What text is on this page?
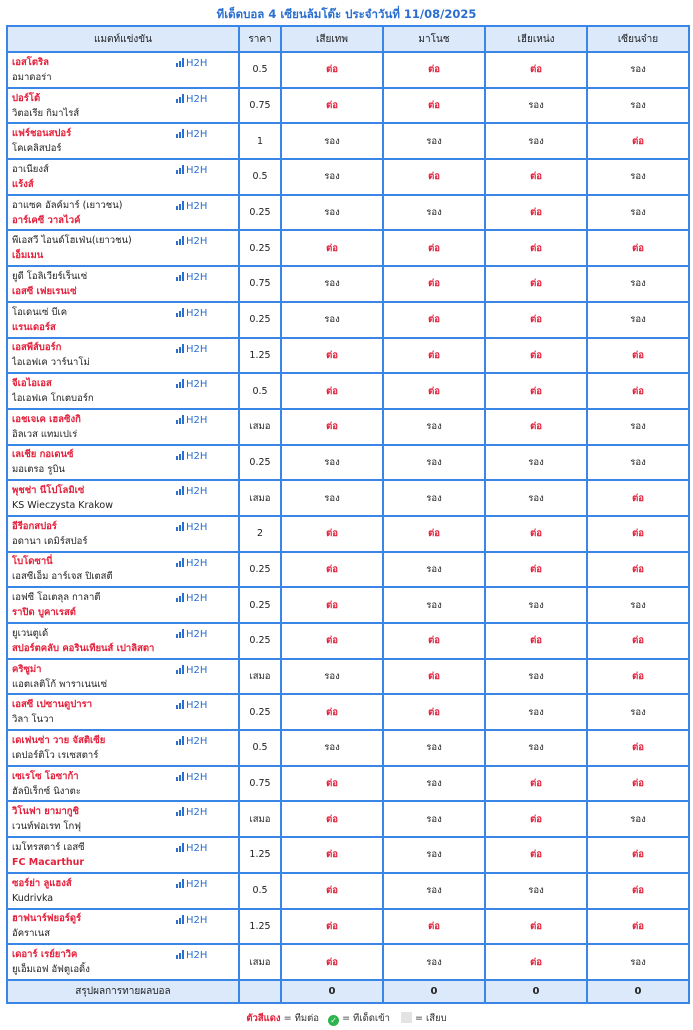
ทีเด็ดบอล 4 เซียนล้มโต๊ะ ประจำวันที่ 11/08/2025
แมตท์แข่งขัน	ราคา	เสียเทพ	มาโนช	เฮียเหน่ง	เซียนจ๋าย

เอสโตริล
อมาดอร่า
H2H	0.5	ต่อ	ต่อ	ต่อ	รอง

ปอร์โต้
วิตอเรีย กิมาไรส์
H2H	0.75	ต่อ	ต่อ	รอง	รอง

แฟร์ชอนสปอร์
โคเคลิสปอร์
H2H	1	รอง	รอง	รอง	ต่อ

อาเนียงส์
แร้งส์
H2H	0.5	รอง	ต่อ	ต่อ	รอง

อาแซค อัลค์มาร์ (เยาวชน)
อาร์เคซี วาลไวค์
H2H	0.25	รอง	รอง	ต่อ	รอง

พีเอสวี ไอนด์โฮเฟ่น(เยาวชน)
เอ็มเมน
H2H	0.25	ต่อ	ต่อ	ต่อ	ต่อ

ยูดี โอลิเวียร์เร็นเซ่
เอสซี เฟยเรนเซ่
H2H	0.75	รอง	ต่อ	ต่อ	รอง

โอเดนเซ่ บีเค
แรนเดอร์ส
H2H	0.25	รอง	ต่อ	ต่อ	รอง

เอสพีส์บอร์ก
ไอเอฟเค วาร์นาโม่
H2H	1.25	ต่อ	ต่อ	ต่อ	ต่อ

จีเอไอเอส
ไอเอฟเค โกเตบอร์ก
H2H	0.5	ต่อ	ต่อ	ต่อ	ต่อ

เอชเจเค เฮลซิงกิ
อิลเวส แทมเปเร่
H2H	เสมอ	ต่อ	รอง	ต่อ	รอง

เลเชีย กอเดนซ์
มอเตรอ รูบิน
H2H	0.25	รอง	รอง	รอง	รอง

พุชช่า นีโปโลมิเซ่
KS Wieczysta Krakow
H2H	เสมอ	รอง	รอง	รอง	ต่อ

อีรีอกสปอร์
อดานา เดมิร์สปอร์
H2H	2	ต่อ	ต่อ	ต่อ	ต่อ

โบโดซานี่
เอสซีเอ็ม อาร์เจส ปิเตสตี
H2H	0.25	ต่อ	รอง	ต่อ	ต่อ

เอฟซี โอเตลุล กาลาตี
ราปิด บูคาเรสต์
H2H	0.25	ต่อ	รอง	รอง	รอง

ยูเวนตูเด้
สปอร์ตคลับ คอรินเทียนส์ เปาลิสตา
H2H	0.25	ต่อ	ต่อ	ต่อ	ต่อ

คริซูม่า
แอตเลติโก้ พาราเนนเซ่
H2H	เสมอ	รอง	ต่อ	รอง	ต่อ

เอสซี เปซานดูปารา
วิลา โนวา
H2H	0.25	ต่อ	ต่อ	รอง	รอง

เดเฟนซ่า วาย จัสติเซีย
เดปอร์ติโว เรเซสตาร์
H2H	0.5	รอง	รอง	รอง	ต่อ

เซเรโซ โอซาก้า
ฮัลบิเร็กซ์ นิงาตะ
H2H	0.75	ต่อ	รอง	ต่อ	ต่อ

วิโนฟา ยามากูชิ
เวนท์ฟอเรท โกฟุ
H2H	เสมอ	ต่อ	รอง	ต่อ	รอง

เมโทรสตาร์ เอสซี
FC Macarthur
H2H	1.25	ต่อ	รอง	ต่อ	ต่อ

ซอร์ย่า ลูแฮงส์
Kudrivka
H2H	0.5	ต่อ	รอง	รอง	ต่อ

ฮาฟนาร์ฟยอร์ดูร์
อัคราเนส
H2H	1.25	ต่อ	ต่อ	ต่อ	ต่อ

เดอาร์ เรย์ยาวิค
ยูเอ็มเอฟ อัฟตูเอดิ้ง
H2H	เสมอ	ต่อ	รอง	ต่อ	รอง
สรุปผลการทายผลบอล		0	0	0	0
ตัวสีแดง = ทีมต่อ ✓ = ทีเด็ดเข้า	= เสียบ
